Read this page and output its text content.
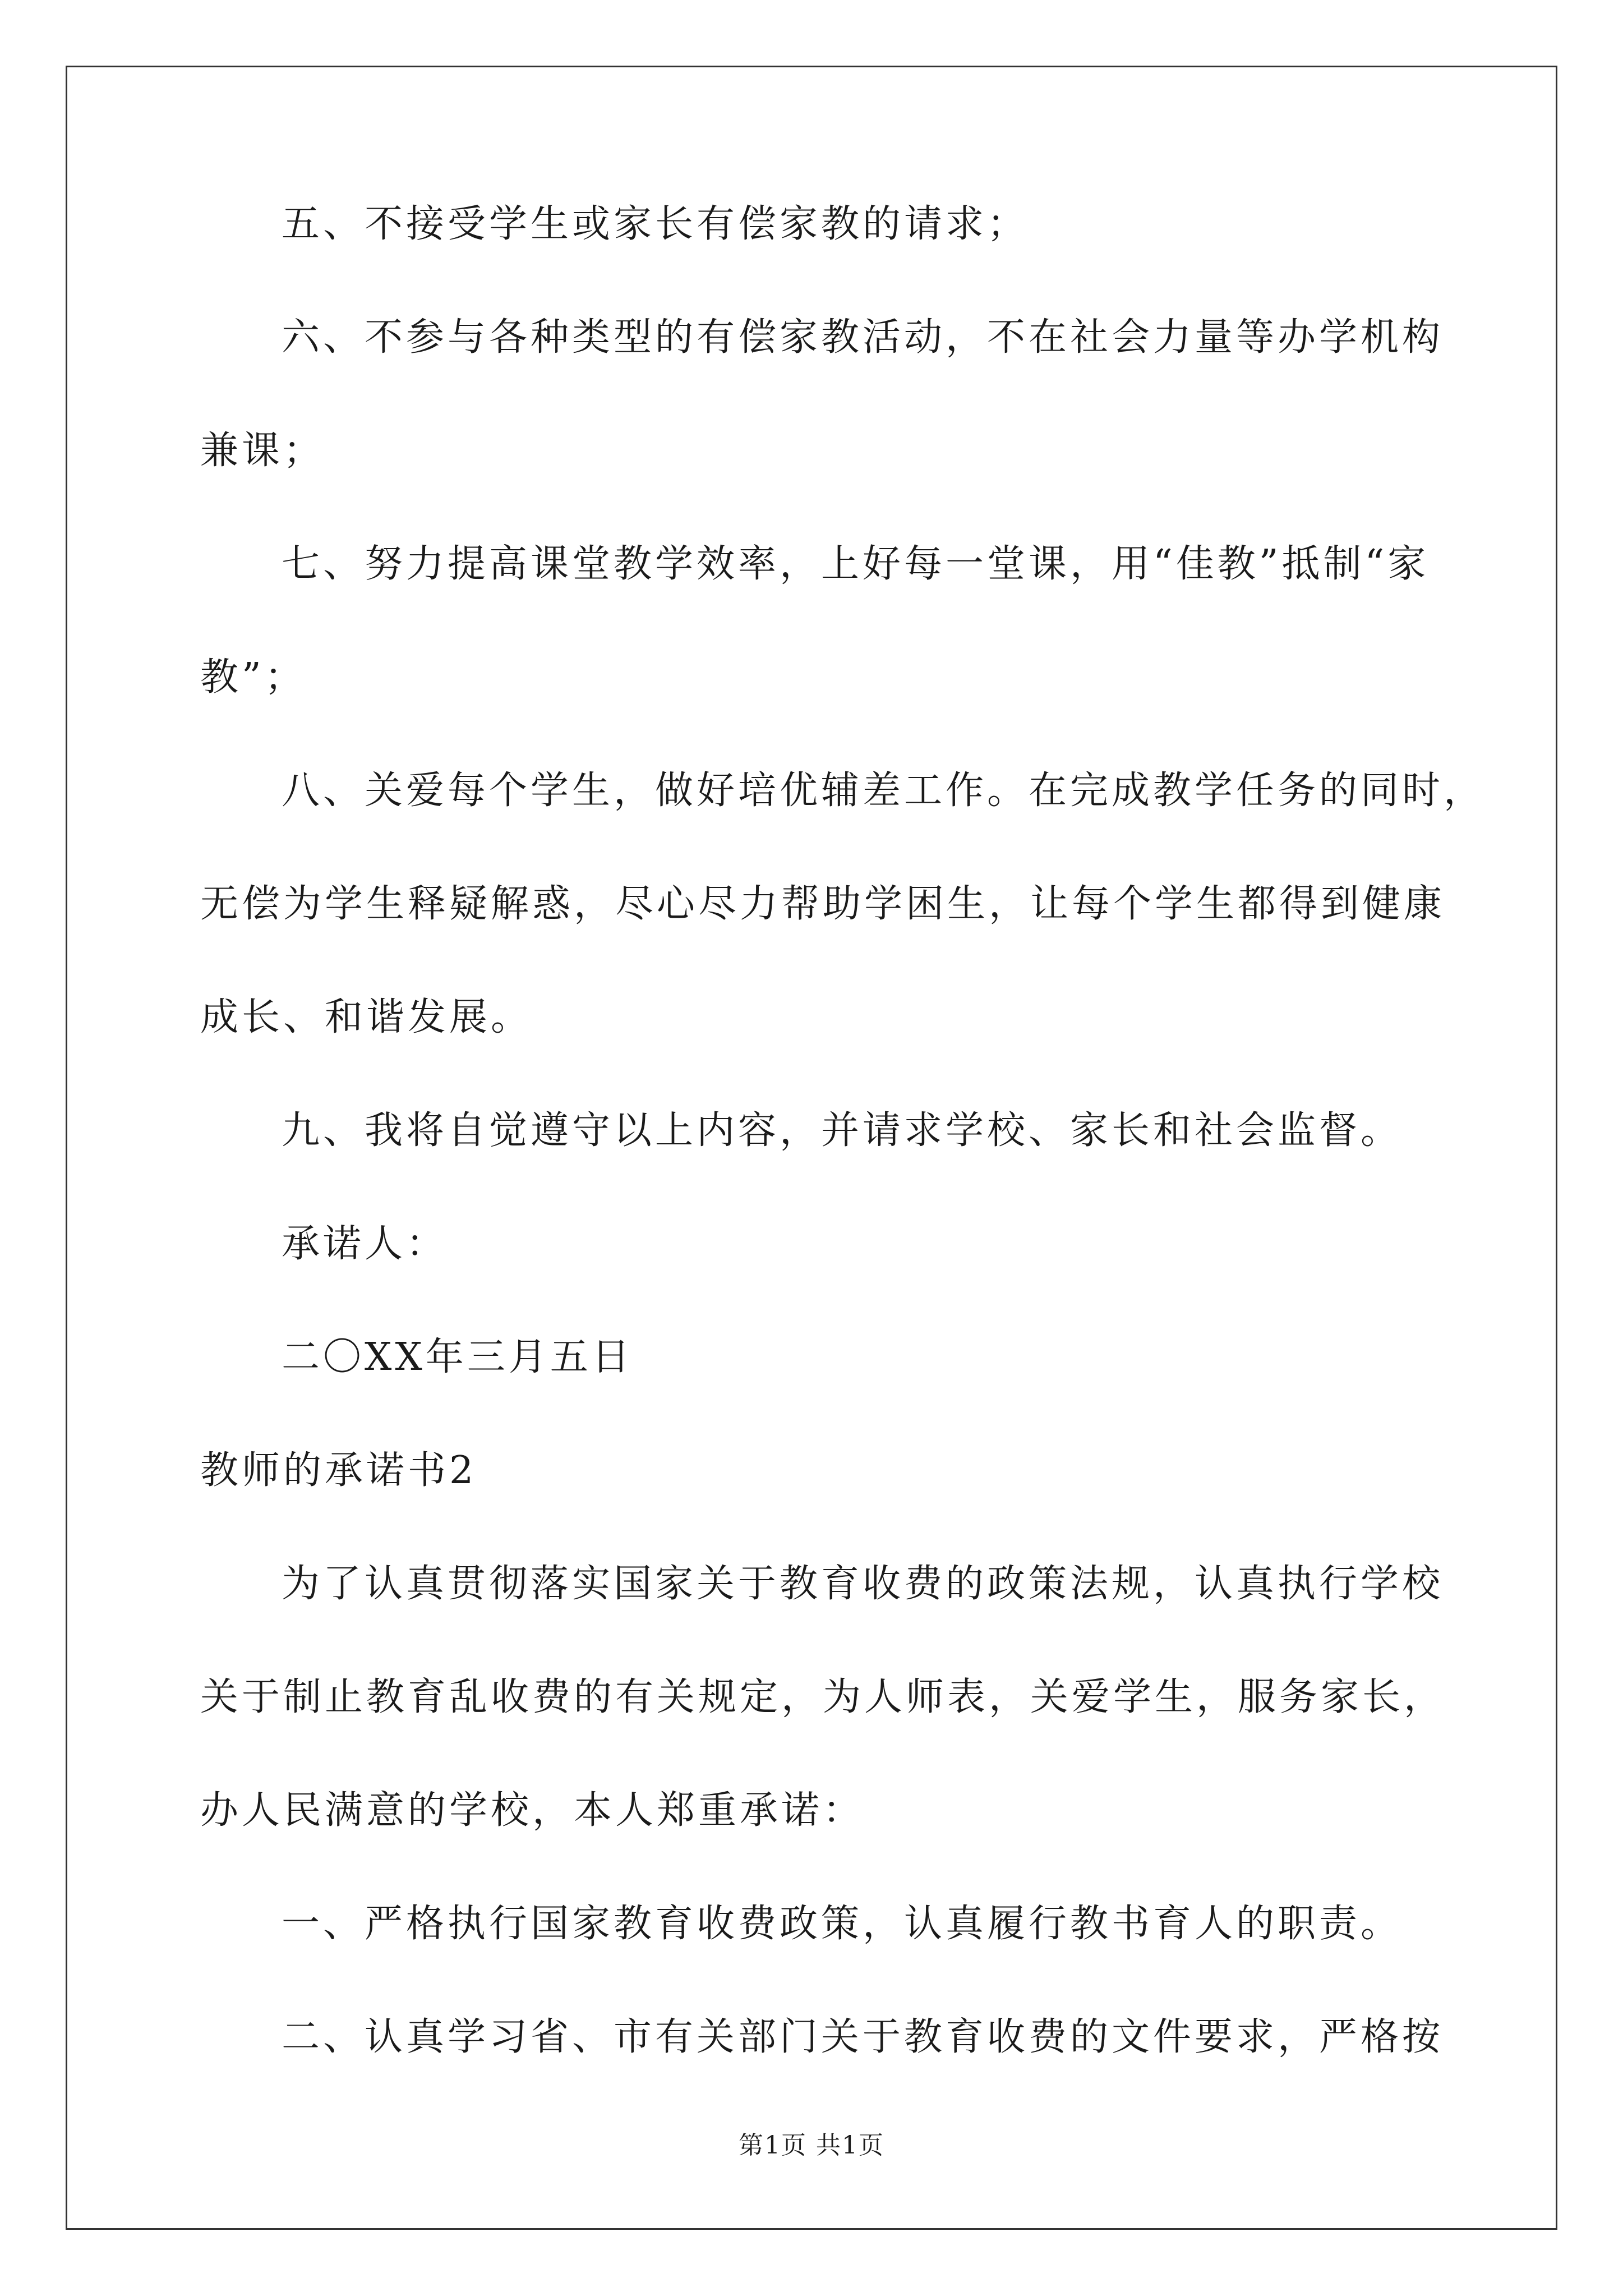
五、不接受学生或家长有偿家教的请求；
六、不参与各种类型的有偿家教活动，不在社会力量等办学机构
兼课；
七、努力提高课堂教学效率，上好每一堂课，用“佳教”抵制“家
教”；
八、关爱每个学生，做好培优辅差工作。在完成教学任务的同时，
无偿为学生释疑解惑，尽心尽力帮助学困生，让每个学生都得到健康
成长、和谐发展。
九、我将自觉遵守以上内容，并请求学校、家长和社会监督。
承诺人：
二〇XX年三月五日
教师的承诺书2
为了认真贯彻落实国家关于教育收费的政策法规，认真执行学校
关于制止教育乱收费的有关规定，为人师表，关爱学生，服务家长，
办人民满意的学校，本人郑重承诺：
一、严格执行国家教育收费政策，认真履行教书育人的职责。
二、认真学习省、市有关部门关于教育收费的文件要求，严格按
第1页 共1页
